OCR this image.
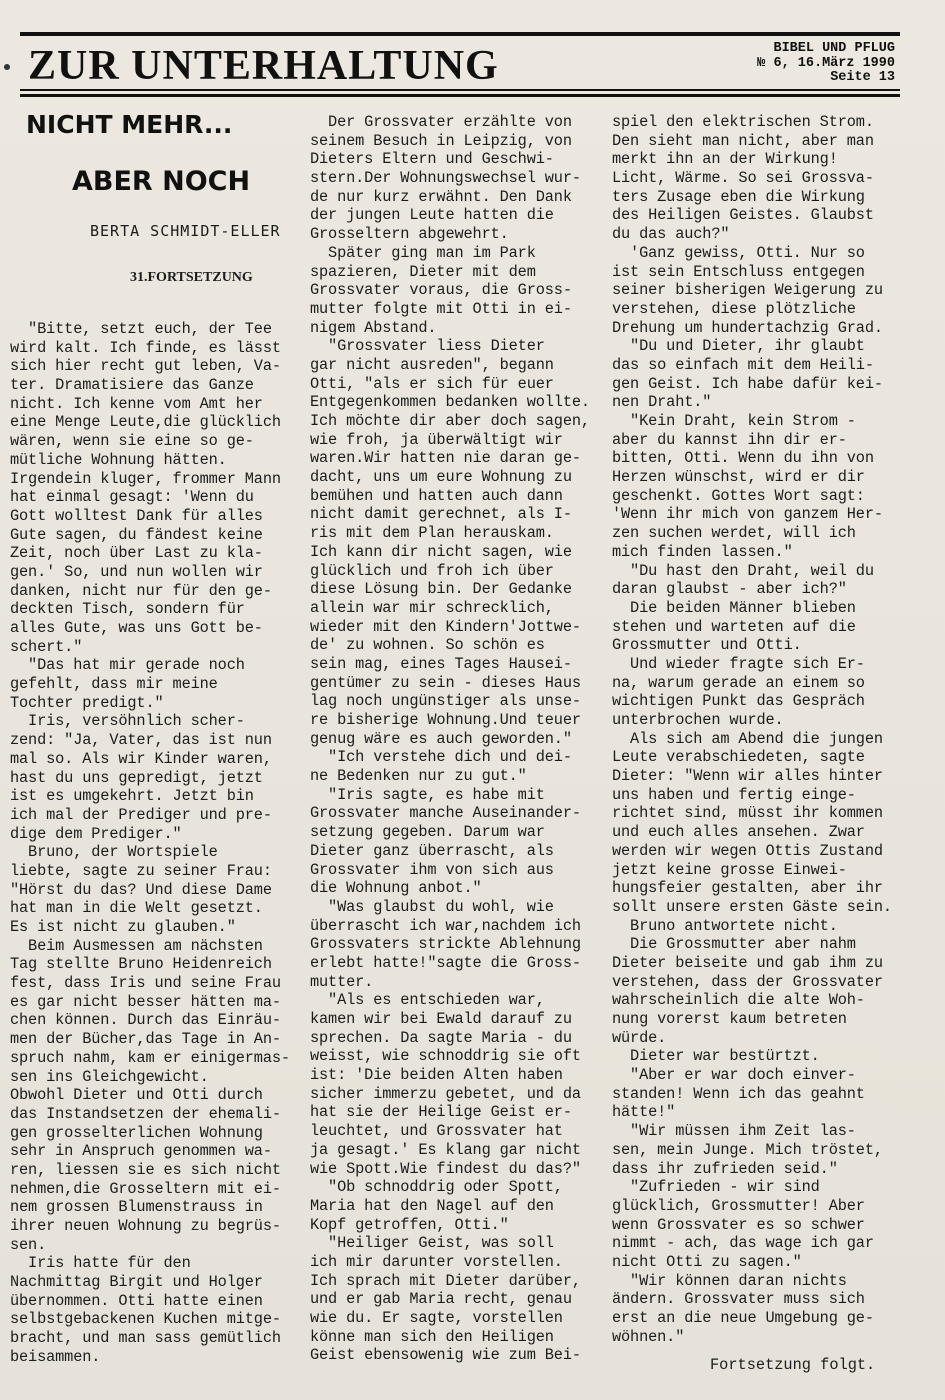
ZUR UNTERHALTUNG	BIBEL UND PFLUG
№ 6, 16.März 1990
Seite 13
NICHT MEHR...
ABER NOCH
BERTA SCHMIDT-ELLER
31.FORTSETZUNG
"Bitte, setzt euch, der Tee
wird kalt. Ich finde, es lässt
sich hier recht gut leben, Va-
ter. Dramatisiere das Ganze
nicht. Ich kenne vom Amt her
eine Menge Leute,die glücklich
wären, wenn sie eine so ge-
mütliche Wohnung hätten.
Irgendein kluger, frommer Mann
hat einmal gesagt: 'Wenn du
Gott wolltest Dank für alles
Gute sagen, du fändest keine
Zeit, noch über Last zu kla-
gen.' So, und nun wollen wir
danken, nicht nur für den ge-
deckten Tisch, sondern für
alles Gute, was uns Gott be-
schert."
"Das hat mir gerade noch
gefehlt, dass mir meine
Tochter predigt."
Iris, versöhnlich scher-
zend: "Ja, Vater, das ist nun
mal so. Als wir Kinder waren,
hast du uns gepredigt, jetzt
ist es umgekehrt. Jetzt bin
ich mal der Prediger und pre-
dige dem Prediger."
Bruno, der Wortspiele
liebte, sagte zu seiner Frau:
"Hörst du das? Und diese Dame
hat man in die Welt gesetzt.
Es ist nicht zu glauben."
Beim Ausmessen am nächsten
Tag stellte Bruno Heidenreich
fest, dass Iris und seine Frau
es gar nicht besser hätten ma-
chen können. Durch das Einräu-
men der Bücher,das Tage in An-
spruch nahm, kam er einigermas-
sen ins Gleichgewicht.
Obwohl Dieter und Otti durch
das Instandsetzen der ehemali-
gen grosselterlichen Wohnung
sehr in Anspruch genommen wa-
ren, liessen sie es sich nicht
nehmen,die Grosseltern mit ei-
nem grossen Blumenstrauss in
ihrer neuen Wohnung zu begrüs-
sen.
Iris hatte für den
Nachmittag Birgit und Holger
übernommen. Otti hatte einen
selbstgebackenen Kuchen mitge-
bracht, und man sass gemütlich
beisammen.
Der Grossvater erzählte von
seinem Besuch in Leipzig, von
Dieters Eltern und Geschwi-
stern.Der Wohnungswechsel wur-
de nur kurz erwähnt. Den Dank
der jungen Leute hatten die
Grosseltern abgewehrt.
Später ging man im Park
spazieren, Dieter mit dem
Grossvater voraus, die Gross-
mutter folgte mit Otti in ei-
nigem Abstand.
"Grossvater liess Dieter
gar nicht ausreden", begann
Otti, "als er sich für euer
Entgegenkommen bedanken wollte.
Ich möchte dir aber doch sagen,
wie froh, ja überwältigt wir
waren.Wir hatten nie daran ge-
dacht, uns um eure Wohnung zu
bemühen und hatten auch dann
nicht damit gerechnet, als I-
ris mit dem Plan herauskam.
Ich kann dir nicht sagen, wie
glücklich und froh ich über
diese Lösung bin. Der Gedanke
allein war mir schrecklich,
wieder mit den Kindern'Jottwe-
de' zu wohnen. So schön es
sein mag, eines Tages Hausei-
gentümer zu sein - dieses Haus
lag noch ungünstiger als unse-
re bisherige Wohnung.Und teuer
genug wäre es auch geworden."
"Ich verstehe dich und dei-
ne Bedenken nur zu gut."
"Iris sagte, es habe mit
Grossvater manche Auseinander-
setzung gegeben. Darum war
Dieter ganz überrascht, als
Grossvater ihm von sich aus
die Wohnung anbot."
"Was glaubst du wohl, wie
überrascht ich war,nachdem ich
Grossvaters strickte Ablehnung
erlebt hatte!"sagte die Gross-
mutter.
"Als es entschieden war,
kamen wir bei Ewald darauf zu
sprechen. Da sagte Maria - du
weisst, wie schnoddrig sie oft
ist: 'Die beiden Alten haben
sicher immerzu gebetet, und da
hat sie der Heilige Geist er-
leuchtet, und Grossvater hat
ja gesagt.' Es klang gar nicht
wie Spott.Wie findest du das?"
"Ob schnoddrig oder Spott,
Maria hat den Nagel auf den
Kopf getroffen, Otti."
"Heiliger Geist, was soll
ich mir darunter vorstellen.
Ich sprach mit Dieter darüber,
und er gab Maria recht, genau
wie du. Er sagte, vorstellen
könne man sich den Heiligen
Geist ebensowenig wie zum Bei-
spiel den elektrischen Strom.
Den sieht man nicht, aber man
merkt ihn an der Wirkung!
Licht, Wärme. So sei Grossva-
ters Zusage eben die Wirkung
des Heiligen Geistes. Glaubst
du das auch?"
'Ganz gewiss, Otti. Nur so
ist sein Entschluss entgegen
seiner bisherigen Weigerung zu
verstehen, diese plötzliche
Drehung um hundertachzig Grad.
"Du und Dieter, ihr glaubt
das so einfach mit dem Heili-
gen Geist. Ich habe dafür kei-
nen Draht."
"Kein Draht, kein Strom -
aber du kannst ihn dir er-
bitten, Otti. Wenn du ihn von
Herzen wünschst, wird er dir
geschenkt. Gottes Wort sagt:
'Wenn ihr mich von ganzem Her-
zen suchen werdet, will ich
mich finden lassen."
"Du hast den Draht, weil du
daran glaubst - aber ich?"
Die beiden Männer blieben
stehen und warteten auf die
Grossmutter und Otti.
Und wieder fragte sich Er-
na, warum gerade an einem so
wichtigen Punkt das Gespräch
unterbrochen wurde.
Als sich am Abend die jungen
Leute verabschiedeten, sagte
Dieter: "Wenn wir alles hinter
uns haben und fertig einge-
richtet sind, müsst ihr kommen
und euch alles ansehen. Zwar
werden wir wegen Ottis Zustand
jetzt keine grosse Einwei-
hungsfeier gestalten, aber ihr
sollt unsere ersten Gäste sein.
Bruno antwortete nicht.
Die Grossmutter aber nahm
Dieter beiseite und gab ihm zu
verstehen, dass der Grossvater
wahrscheinlich die alte Woh-
nung vorerst kaum betreten
würde.
Dieter war bestürtzt.
"Aber er war doch einver-
standen! Wenn ich das geahnt
hätte!"
"Wir müssen ihm Zeit las-
sen, mein Junge. Mich tröstet,
dass ihr zufrieden seid."
"Zufrieden - wir sind
glücklich, Grossmutter! Aber
wenn Grossvater es so schwer
nimmt - ach, das wage ich gar
nicht Otti zu sagen."
"Wir können daran nichts
ändern. Grossvater muss sich
erst an die neue Umgebung ge-
wöhnen."
Fortsetzung folgt.
